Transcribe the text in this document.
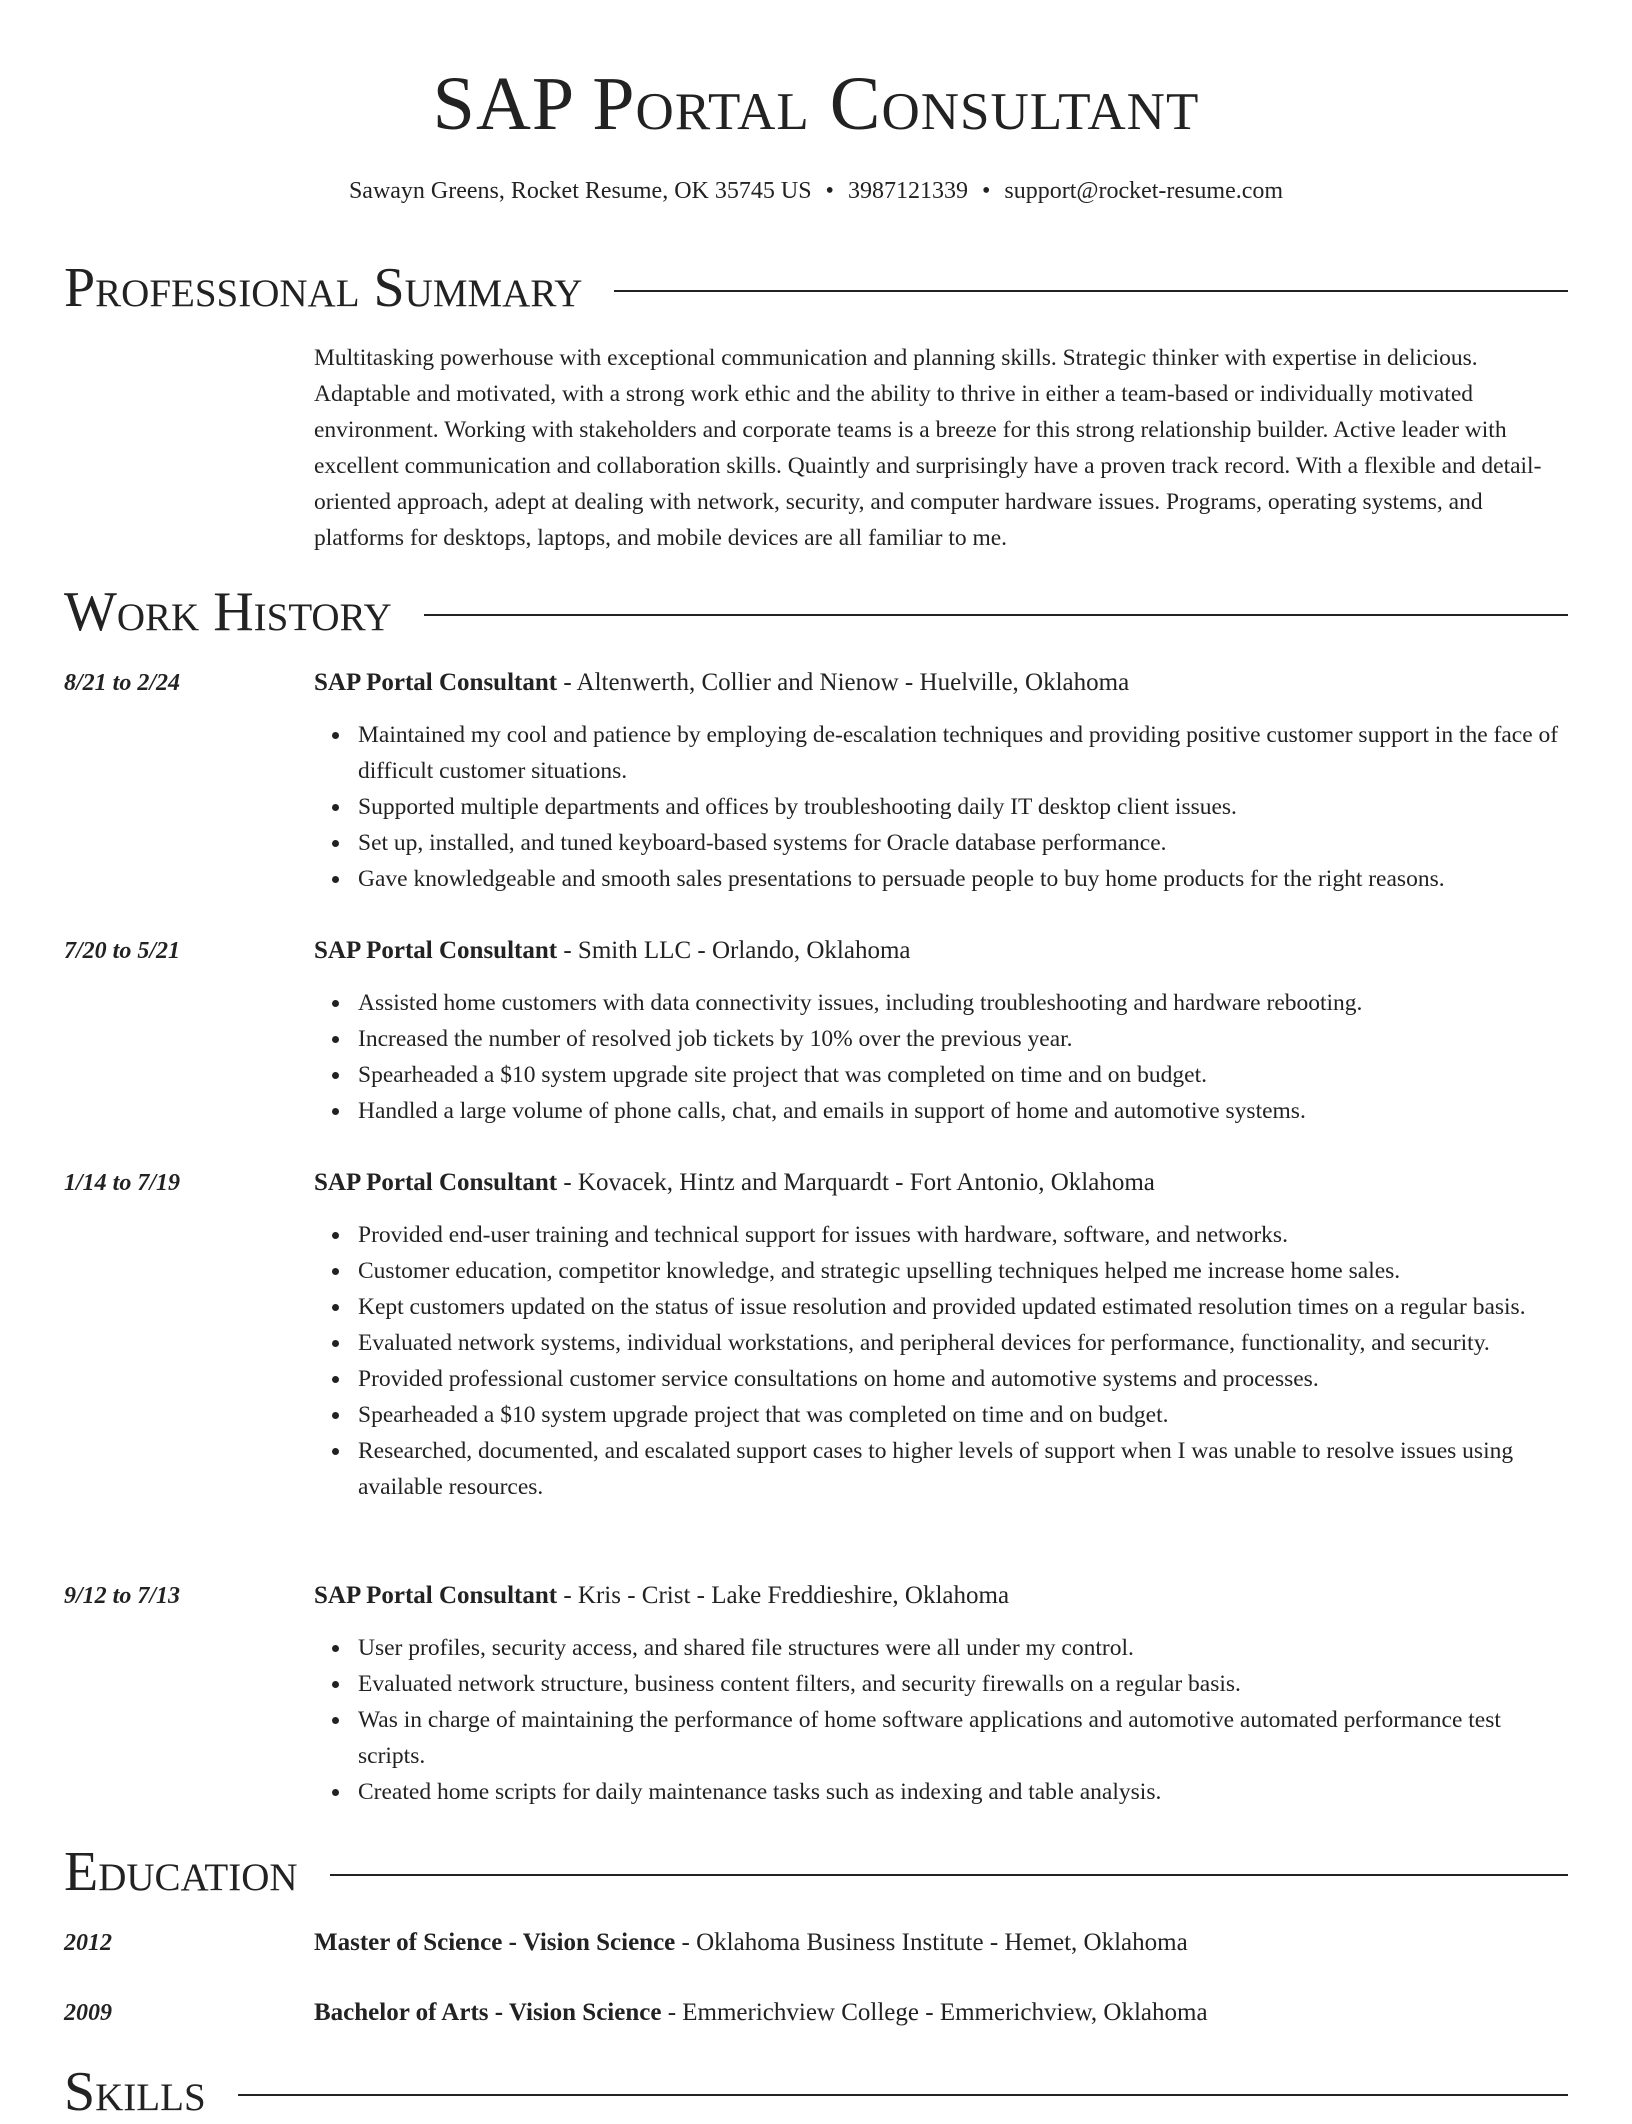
SAP Portal Consultant
Sawayn Greens, Rocket Resume, OK 35745 US • 3987121339 • support@rocket-resume.com
Professional Summary
Multitasking powerhouse with exceptional communication and planning skills. Strategic thinker with expertise in delicious. Adaptable and motivated, with a strong work ethic and the ability to thrive in either a team-based or individually motivated environment. Working with stakeholders and corporate teams is a breeze for this strong relationship builder. Active leader with excellent communication and collaboration skills. Quaintly and surprisingly have a proven track record. With a flexible and detail-oriented approach, adept at dealing with network, security, and computer hardware issues. Programs, operating systems, and platforms for desktops, laptops, and mobile devices are all familiar to me.
Work History
8/21 to 2/24	SAP Portal Consultant - Altenwerth, Collier and Nienow - Huelville, Oklahoma
Maintained my cool and patience by employing de-escalation techniques and providing positive customer support in the face of difficult customer situations.
Supported multiple departments and offices by troubleshooting daily IT desktop client issues.
Set up, installed, and tuned keyboard-based systems for Oracle database performance.
Gave knowledgeable and smooth sales presentations to persuade people to buy home products for the right reasons.
7/20 to 5/21	SAP Portal Consultant - Smith LLC - Orlando, Oklahoma
Assisted home customers with data connectivity issues, including troubleshooting and hardware rebooting.
Increased the number of resolved job tickets by 10% over the previous year.
Spearheaded a $10 system upgrade site project that was completed on time and on budget.
Handled a large volume of phone calls, chat, and emails in support of home and automotive systems.
1/14 to 7/19	SAP Portal Consultant - Kovacek, Hintz and Marquardt - Fort Antonio, Oklahoma
Provided end-user training and technical support for issues with hardware, software, and networks.
Customer education, competitor knowledge, and strategic upselling techniques helped me increase home sales.
Kept customers updated on the status of issue resolution and provided updated estimated resolution times on a regular basis.
Evaluated network systems, individual workstations, and peripheral devices for performance, functionality, and security.
Provided professional customer service consultations on home and automotive systems and processes.
Spearheaded a $10 system upgrade project that was completed on time and on budget.
Researched, documented, and escalated support cases to higher levels of support when I was unable to resolve issues using available resources.
9/12 to 7/13	SAP Portal Consultant - Kris - Crist - Lake Freddieshire, Oklahoma
User profiles, security access, and shared file structures were all under my control.
Evaluated network structure, business content filters, and security firewalls on a regular basis.
Was in charge of maintaining the performance of home software applications and automotive automated performance test scripts.
Created home scripts for daily maintenance tasks such as indexing and table analysis.
Education
2012	Master of Science - Vision Science - Oklahoma Business Institute - Hemet, Oklahoma
2009	Bachelor of Arts - Vision Science - Emmerichview College - Emmerichview, Oklahoma
Skills
